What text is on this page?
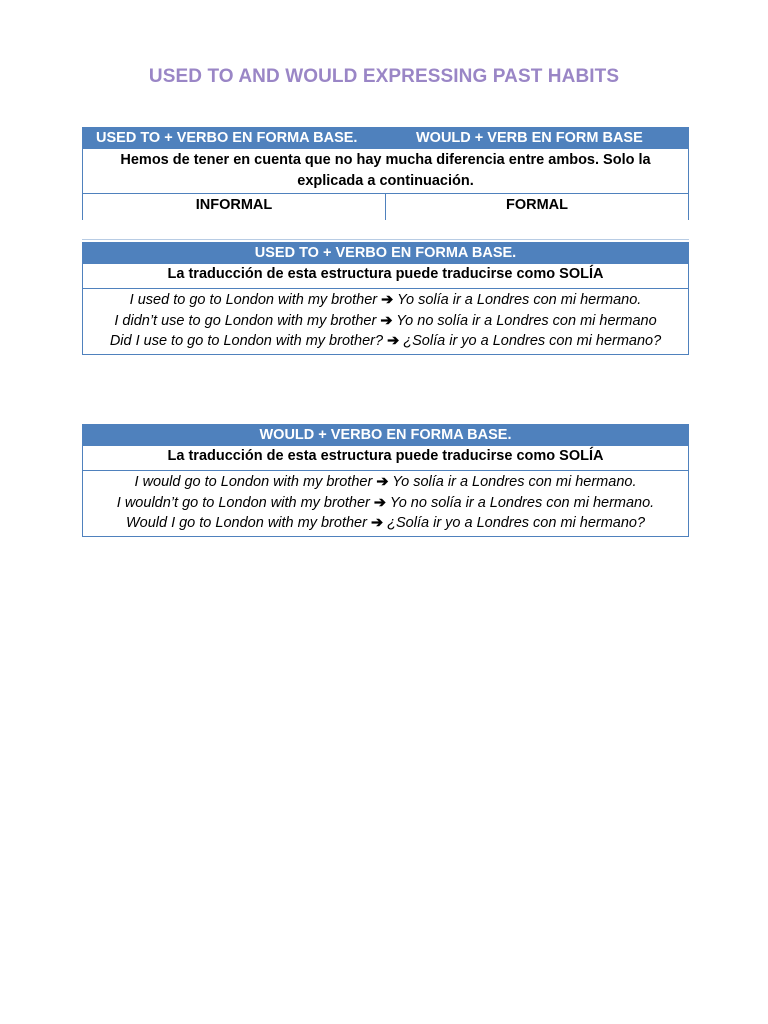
USED TO AND WOULD EXPRESSING PAST HABITS
USED TO + VERBO EN FORMA BASE.	WOULD + VERB EN FORM BASE
Hemos de tener en cuenta que no hay mucha diferencia entre ambos. Solo la explicada a continuación.
INFORMAL	FORMAL
USED TO + VERBO EN FORMA BASE.
La traducción de esta estructura puede traducirse como SOLÍA
I used to go to London with my brother ➔ Yo solía ir a Londres con mi hermano.
I didn’t use to go London with my brother ➔ Yo no solía ir a Londres con mi hermano
Did I use to go to London with my brother? ➔ ¿Solía ir yo a Londres con mi hermano?
WOULD + VERBO EN FORMA BASE.
La traducción de esta estructura puede traducirse como SOLÍA
I would go to London with my brother ➔ Yo solía ir a Londres con mi hermano.
I wouldn’t go to London with my brother ➔ Yo no solía ir a Londres con mi hermano.
Would I go to London with my brother ➔ ¿Solía ir yo a Londres con mi hermano?
